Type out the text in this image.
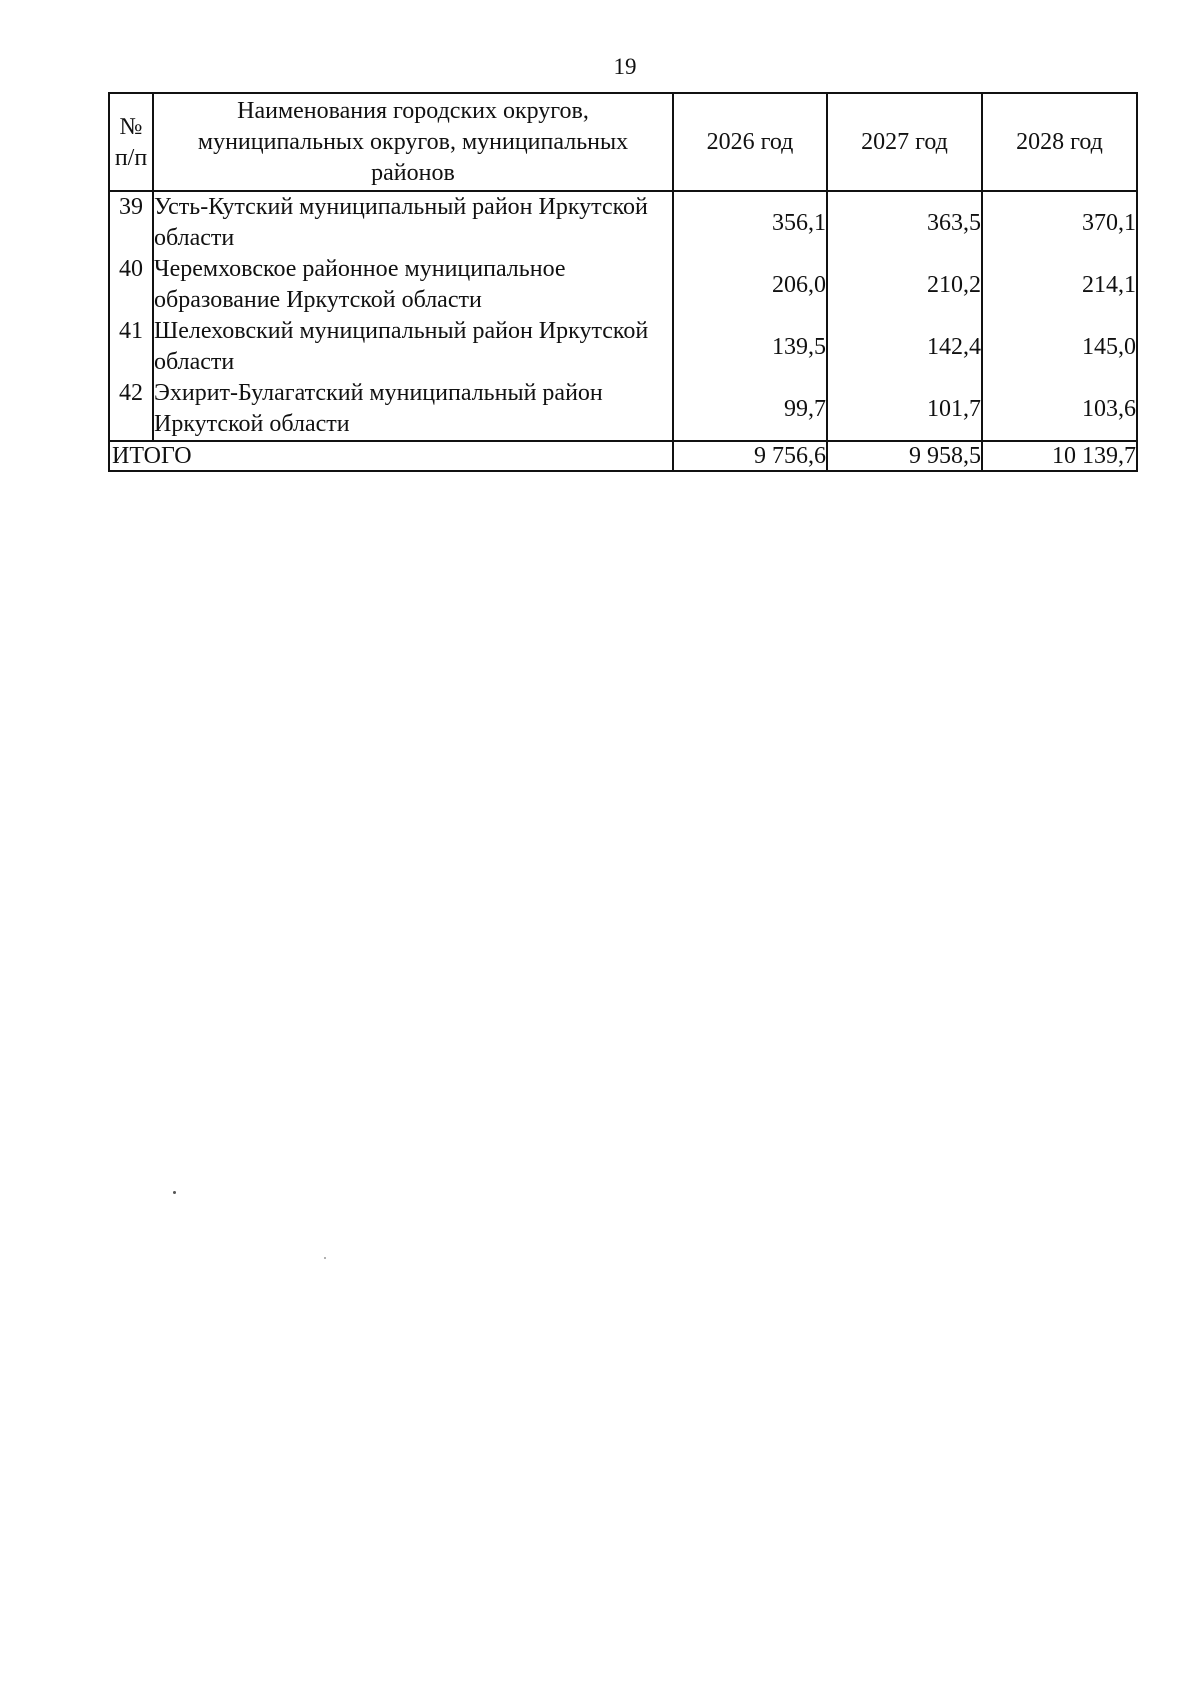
19
№ п/п	Наименования городских округов, муниципальных округов, муниципальных районов	2026 год	2027 год	2028 год
39	Усть-Кутский муниципальный район Иркутской области	356,1	363,5	370,1
40	Черемховское районное муниципальное образование Иркутской области	206,0	210,2	214,1
41	Шелеховский муниципальный район Иркутской области	139,5	142,4	145,0
42	Эхирит-Булагатский муниципальный район Иркутской области	99,7	101,7	103,6
ИТОГО		9 756,6	9 958,5	10 139,7
